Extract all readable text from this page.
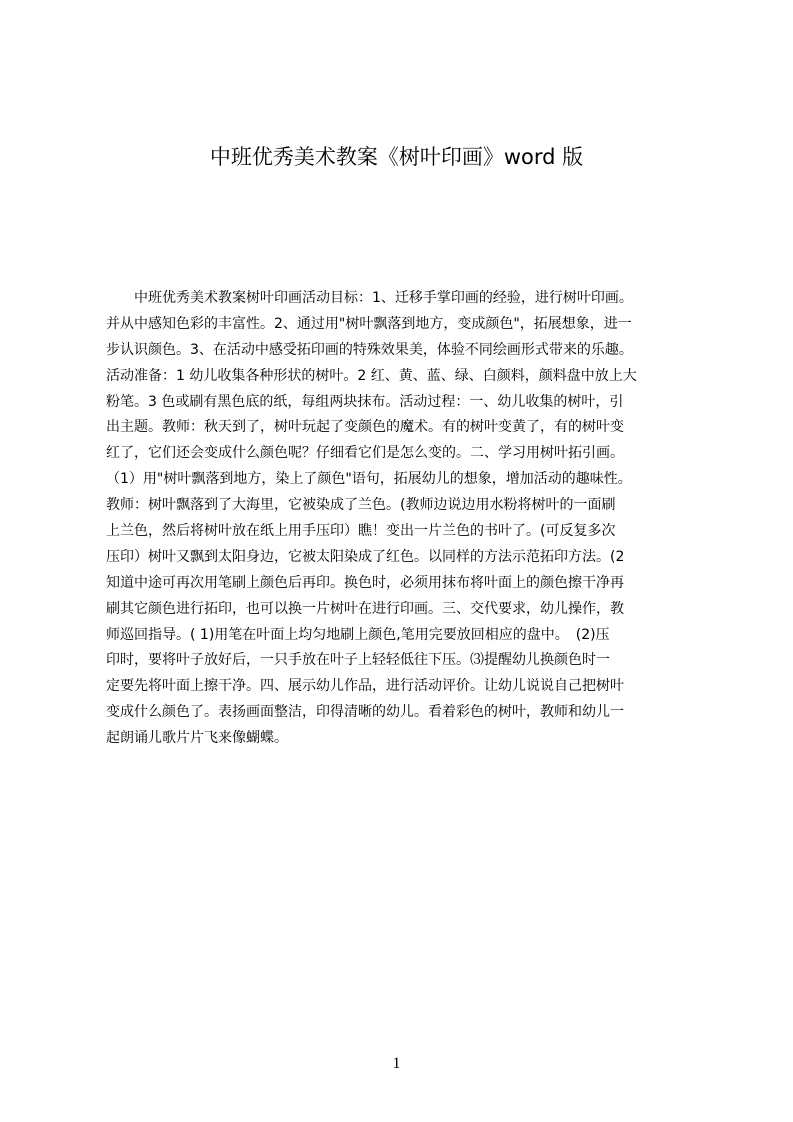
中班优秀美术教案《树叶印画》word 版
　　中班优秀美术教案树叶印画活动目标：1、迁移手掌印画的经验，进行树叶印画。
并从中感知色彩的丰富性。2、通过用"树叶飘落到地方，变成颜色"，拓展想象，进一
步认识颜色。3、在活动中感受拓印画的特殊效果美，体验不同绘画形式带来的乐趣。
活动准备：1 幼儿收集各种形状的树叶。2 红、黄、蓝、绿、白颜料，颜料盘中放上大
粉笔。3 色或刷有黑色底的纸，每组两块抹布。活动过程：一、幼儿收集的树叶，引
出主题。教师：秋天到了，树叶玩起了变颜色的魔术。有的树叶变黄了，有的树叶变
红了，它们还会变成什么颜色呢？仔细看它们是怎么变的。二、学习用树叶拓引画。
（1）用"树叶飘落到地方，染上了颜色"语句，拓展幼儿的想象，增加活动的趣味性。
教师：树叶飘落到了大海里，它被染成了兰色。(教师边说边用水粉将树叶的一面刷
上兰色，然后将树叶放在纸上用手压印）瞧！变出一片兰色的书叶了。(可反复多次
压印）树叶又飘到太阳身边，它被太阳染成了红色。以同样的方法示范拓印方法。(2
知道中途可再次用笔刷上颜色后再印。换色时，必须用抹布将叶面上的颜色擦干净再
刷其它颜色进行拓印，也可以换一片树叶在进行印画。三、交代要求，幼儿操作，教
师巡回指导。( 1)用笔在叶面上均匀地刷上颜色,笔用完要放回相应的盘中。　(2)压
印时，要将叶子放好后，一只手放在叶子上轻轻低往下压。⑶提醒幼儿换颜色时一
定要先将叶面上擦干净。四、展示幼儿作品，进行活动评价。让幼儿说说自己把树叶
变成什么颜色了。表扬画面整洁，印得清晰的幼儿。看着彩色的树叶，教师和幼儿一
起朗诵儿歌片片飞来像蝴蝶。
1
